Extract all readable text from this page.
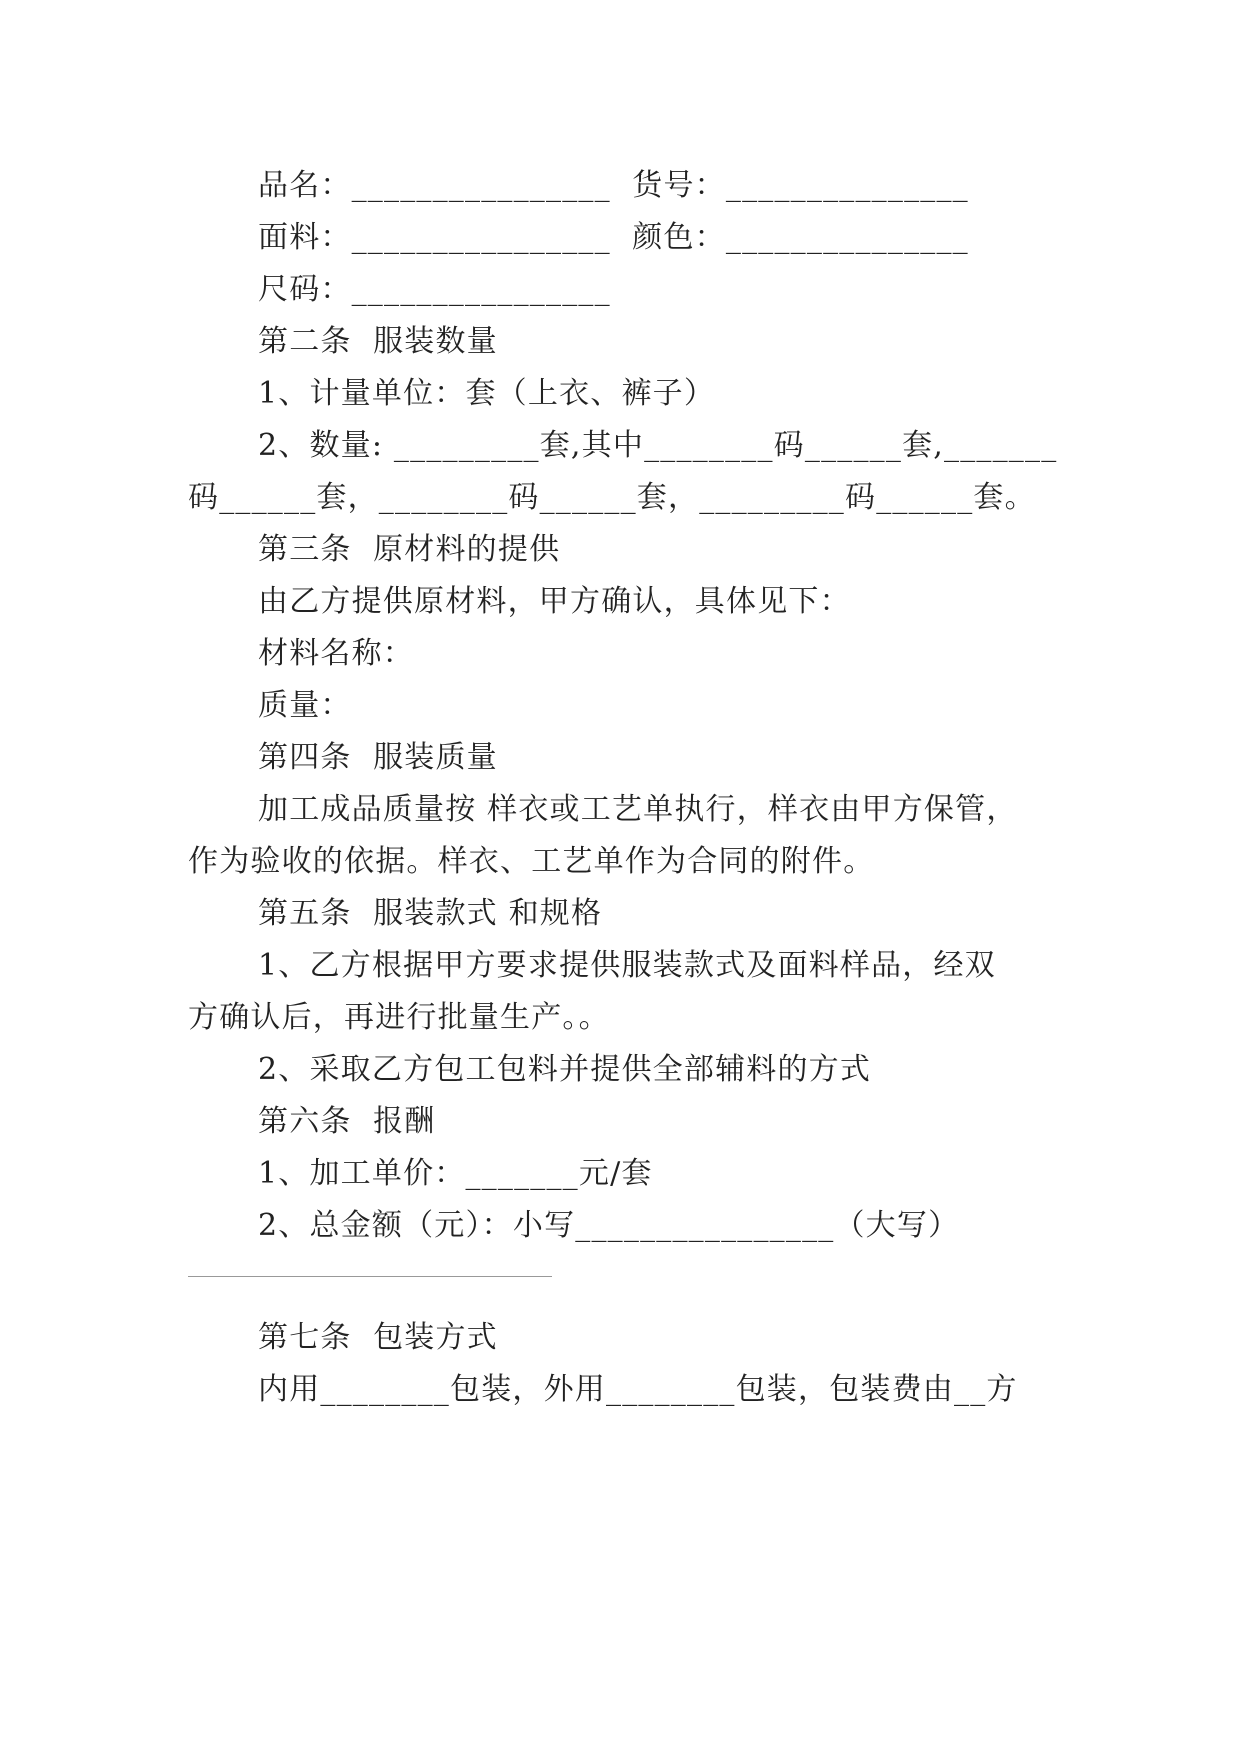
品名：________________  货号：_______________
面料：________________  颜色：_______________
尺码：________________
第二条  服装数量
1、计量单位：套（上衣、裤子）
2、数量: _________套,其中________码______套,_______
码______套，________码______套，_________码______套。
第三条  原材料的提供
由乙方提供原材料，甲方确认，具体见下：
材料名称：
质量：
第四条  服装质量
加工成品质量按 样衣或工艺单执行，样衣由甲方保管，
作为验收的依据。样衣、工艺单作为合同的附件。
第五条  服装款式 和规格
1、乙方根据甲方要求提供服装款式及面料样品，经双
方确认后，再进行批量生产。。
2、采取乙方包工包料并提供全部辅料的方式
第六条  报酬
1、加工单价：_______元/套
2、总金额（元）：小写________________（大写）
第七条  包装方式
内用________包装，外用________包装，包装费由__方
